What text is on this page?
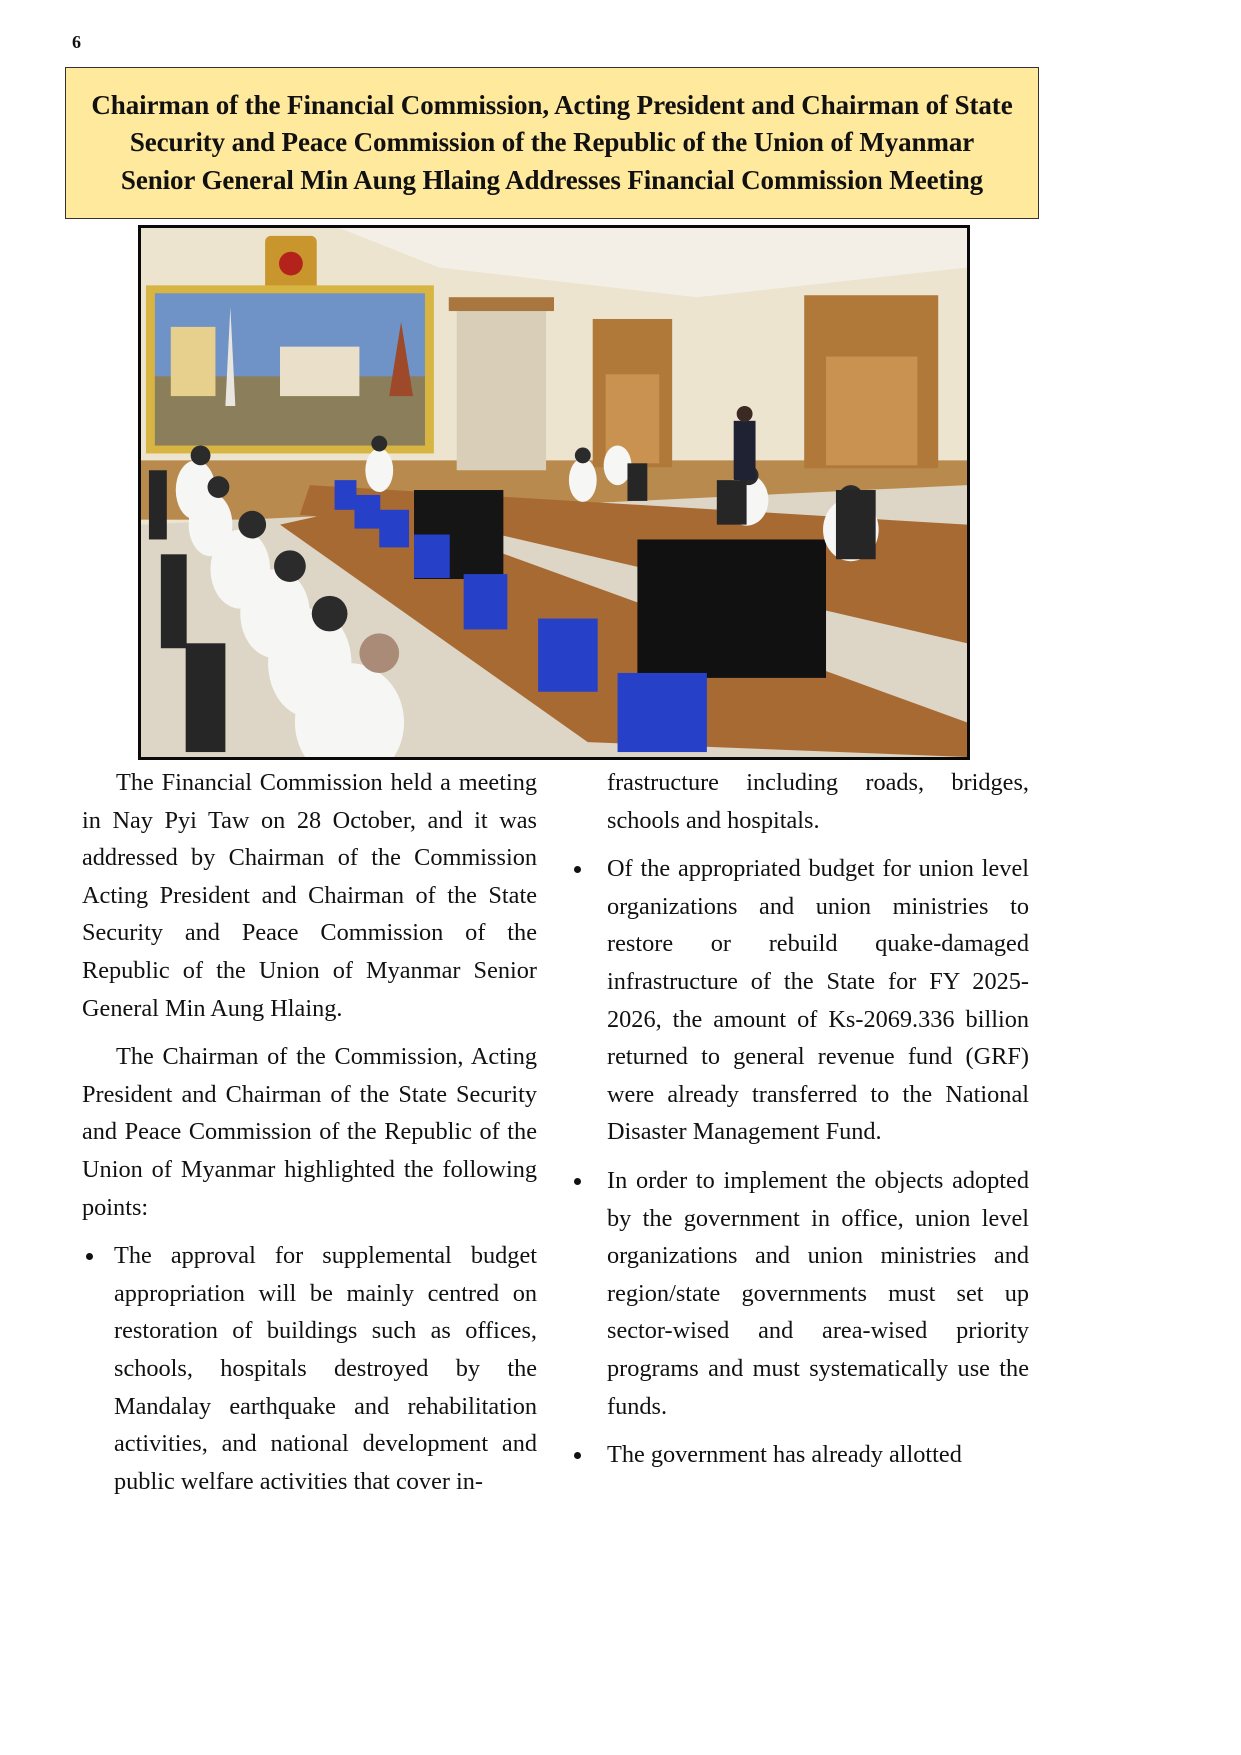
6
Chairman of the Financial Commission, Acting President and Chairman of State
Security and Peace Commission of the Republic of the Union of Myanmar
Senior General Min Aung Hlaing Addresses Financial Commission Meeting

The Financial Commission held a meeting in Nay Pyi Taw on 28 October, and it was addressed by Chairman of the Commission Acting President and Chairman of the State Security and Peace Commission of the Republic of the Union of Myanmar Senior General Min Aung Hlaing.

The Chairman of the Commission, Acting President and Chairman of the State Security and Peace Commission of the Republic of the Union of Myanmar highlighted the following points:

The approval for supplemental budget appropriation will be mainly centred on restoration of buildings such as offices, schools, hospitals destroyed by the Mandalay earthquake and rehabilitation activities, and national development and public welfare activities that cover in-

frastructure including roads, bridges, schools and hospitals.

Of the appropriated budget for union level organizations and union ministries to restore or rebuild quake-damaged infrastructure of the State for FY 2025-2026, the amount of Ks-2069.336 billion returned to general revenue fund (GRF) were already transferred to the National Disaster Management Fund.

In order to implement the objects adopted by the government in office, union level organizations and union ministries and region/state governments must set up sector-wised and area-wised priority programs and must systematically use the funds.

The government has already allotted
